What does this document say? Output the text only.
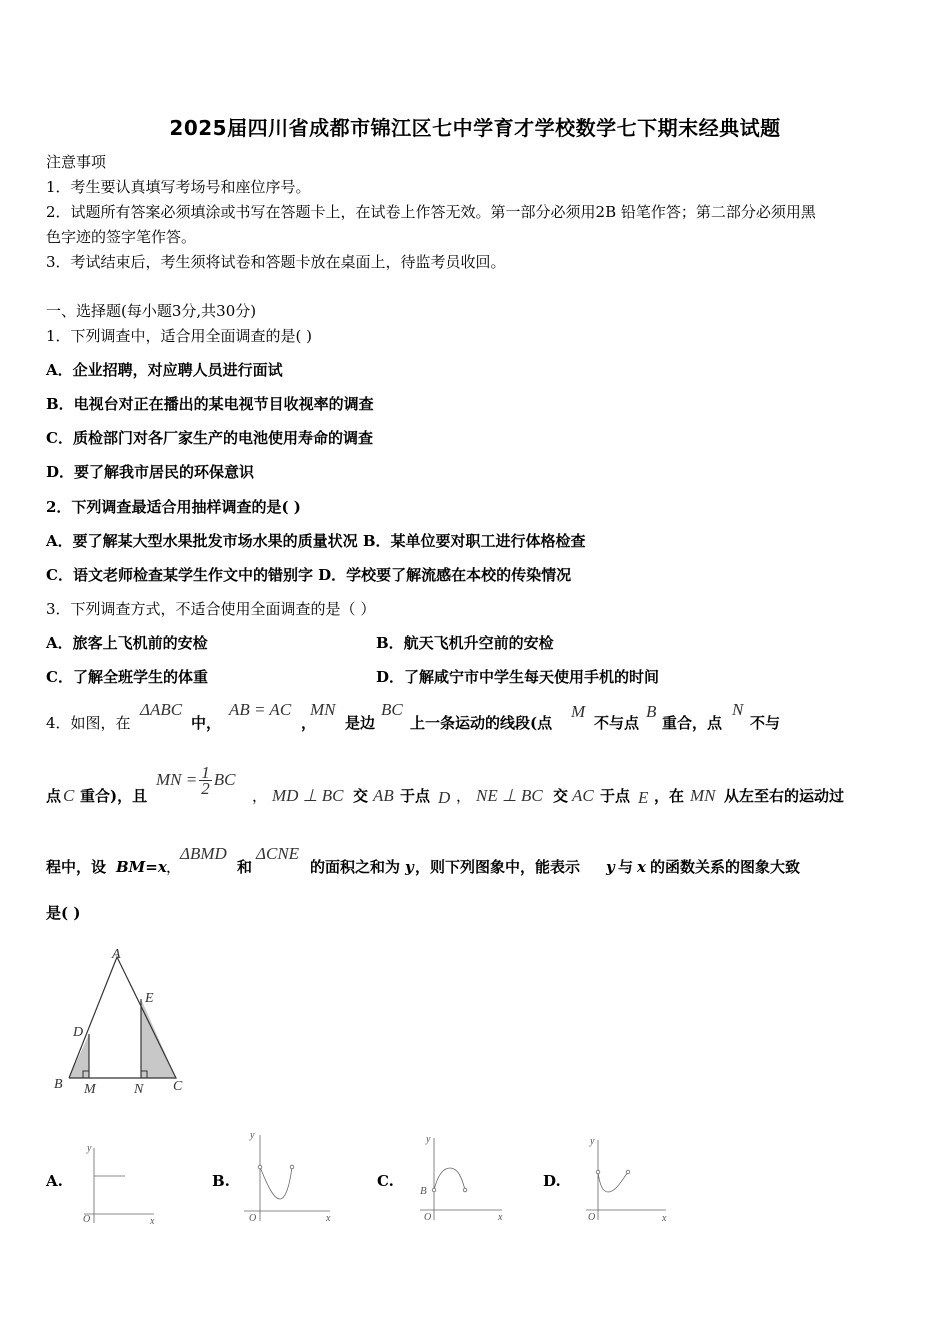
2025届四川省成都市锦江区七中学育才学校数学七下期末经典试题
注意事项
1．考生要认真填写考场号和座位序号。
2．试题所有答案必须填涂或书写在答题卡上，在试卷上作答无效。第一部分必须用2B 铅笔作答；第二部分必须用黑
色字迹的签字笔作答。
3．考试结束后，考生须将试卷和答题卡放在桌面上，待监考员收回。
一、选择题(每小题3分,共30分)
1．下列调查中，适合用全面调查的是( )
A．企业招聘，对应聘人员进行面试
B．电视台对正在播出的某电视节目收视率的调查
C．质检部门对各厂家生产的电池使用寿命的调查
D．要了解我市居民的环保意识
2．下列调查最适合用抽样调查的是( )
A．要了解某大型水果批发市场水果的质量状况 B．某单位要对职工进行体格检查
C．语文老师检查某学生作文中的错别字 D．学校要了解流感在本校的传染情况
3．下列调查方式，不适合使用全面调查的是（ ）
A．旅客上飞机前的安检	B．航天飞机升空前的安检
C．了解全班学生的体重	D．了解咸宁市中学生每天使用手机的时间
4．如图，在
ΔABC
中，
AB = AC
，
MN
是边
BC
上一条运动的线段(点
M
不与点
B
重合，点
N
不与
点 C 重合)，且
MN = $\frac{1}{2}$ BC
， MD ⊥ BC 交 AB 于点 D ， NE ⊥ BC 交 AC 于点 E ，在 MN 从左至右的运动过
程中，设 BM=x ，
ΔBMD
和
ΔCNE
的面积之和为 y ，则下列图象中，能表示 y 与 x 的函数关系的图象大致
是( )
A
E
D
B M	N C
A.	B.	C.	D.
y
x
O
y
x
O
y
x
O
B
y
x
O
